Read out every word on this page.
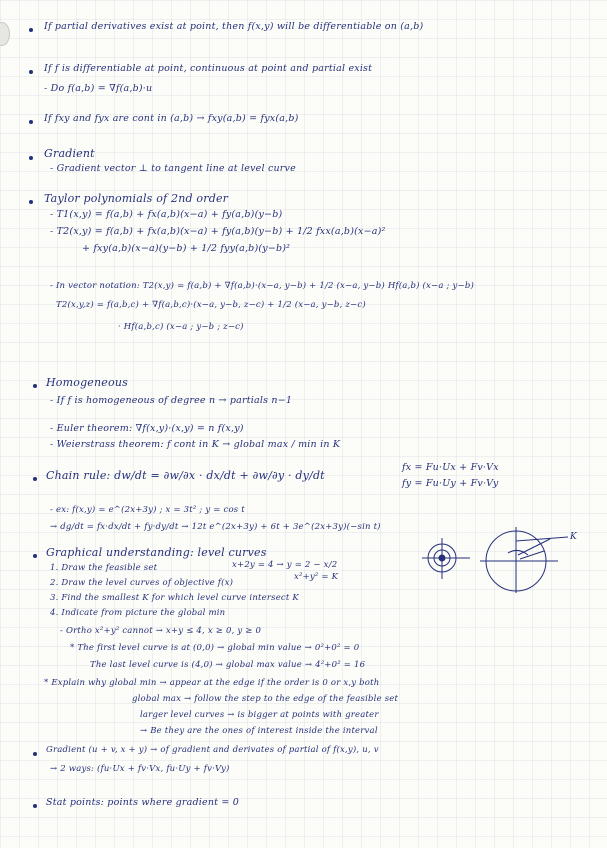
If partial derivatives exist at point, then f(x,y) will be differentiable on (a,b)
If f is differentiable at point, continuous at point and partial exist
- Do f(a,b) = ∇f(a,b)·u
If fxy and fyx are cont in (a,b) → fxy(a,b) = fyx(a,b)
Gradient
- Gradient vector ⊥ to tangent line at level curve
Taylor polynomials of 2nd order
- T1(x,y) = f(a,b) + fx(a,b)(x−a) + fy(a,b)(y−b)
- T2(x,y) = f(a,b) + fx(a,b)(x−a) + fy(a,b)(y−b) + 1/2 fxx(a,b)(x−a)²
+ fxy(a,b)(x−a)(y−b) + 1/2 fyy(a,b)(y−b)²
- In vector notation: T2(x,y) = f(a,b) + ∇f(a,b)·(x−a, y−b) + 1/2 (x−a, y−b) Hf(a,b) (x−a ; y−b)
T2(x,y,z) = f(a,b,c) + ∇f(a,b,c)·(x−a, y−b, z−c) + 1/2 (x−a, y−b, z−c)
· Hf(a,b,c) (x−a ; y−b ; z−c)
Homogeneous
- If f is homogeneous of degree n → partials n−1
- Euler theorem: ∇f(x,y)·(x,y) = n f(x,y)
- Weierstrass theorem: f cont in K → global max / min in K
Chain rule: dw/dt = ∂w/∂x · dx/dt + ∂w/∂y · dy/dt
fx = Fu·Ux + Fv·Vx
fy = Fu·Uy + Fv·Vy
- ex: f(x,y) = e^(2x+3y) ; x = 3t² ; y = cos t
→ dg/dt = fx·dx/dt + fy·dy/dt → 12t e^(2x+3y) + 6t + 3e^(2x+3y)(−sin t)
Graphical understanding: level curves
x+2y = 4 → y = 2 − x/2
x²+y² = K
1. Draw the feasible set
2. Draw the level curves of objective f(x)
3. Find the smallest K for which level curve intersect K
4. Indicate from picture the global min
- Ortho x²+y² cannot → x+y ≤ 4, x ≥ 0, y ≥ 0
* The first level curve is at (0,0) → global min value → 0²+0² = 0
The last level curve is (4,0) → global max value → 4²+0² = 16
* Explain why global min → appear at the edge if the order is 0 or x,y both
global max → follow the step to the edge of the feasible set
larger level curves → is bigger at points with greater
→ Be they are the ones of interest inside the interval
K
Gradient (u + v, x + y) → of gradient and derivates of partial of f(x,y), u, v
→ 2 ways: (fu·Ux + fv·Vx, fu·Uy + fv·Vy)
Stat points: points where gradient = 0
